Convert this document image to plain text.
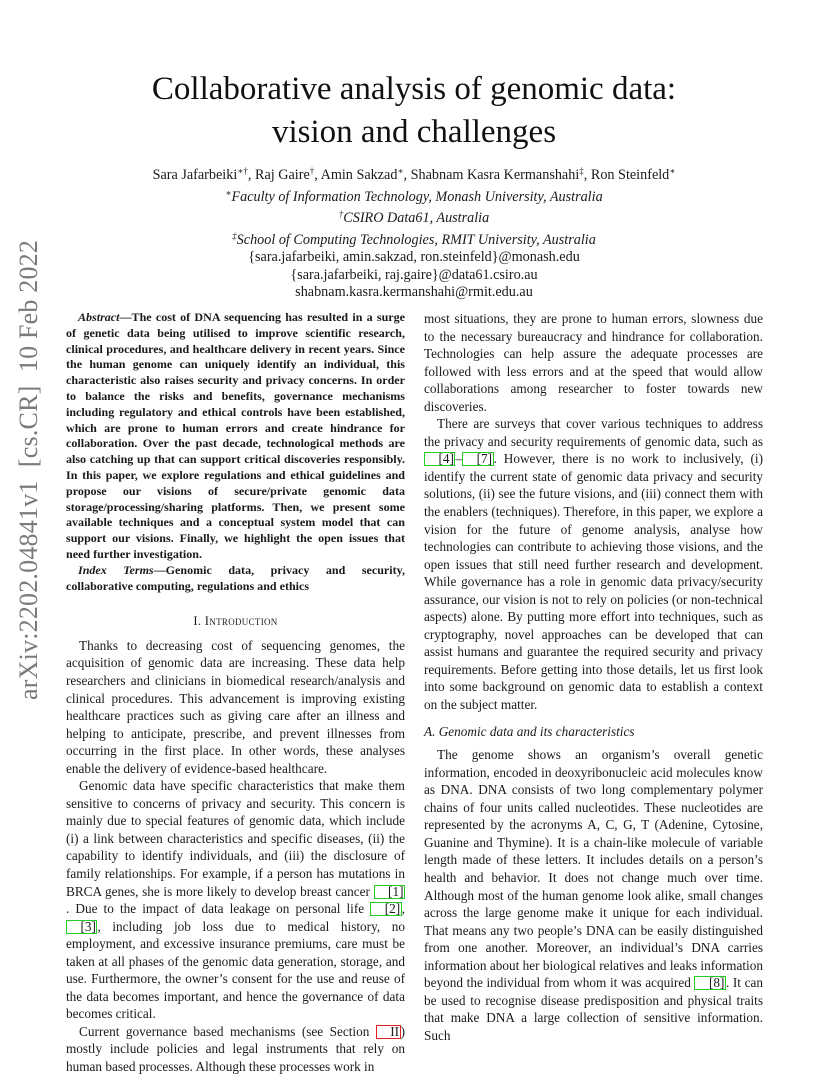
arXiv:2202.04841v1  [cs.CR]  10 Feb 2022
Collaborative analysis of genomic data:
vision and challenges
Sara Jafarbeiki∗†, Raj Gaire†, Amin Sakzad∗, Shabnam Kasra Kermanshahi‡, Ron Steinfeld∗
∗Faculty of Information Technology, Monash University, Australia
†CSIRO Data61, Australia
‡School of Computing Technologies, RMIT University, Australia
{sara.jafarbeiki, amin.sakzad, ron.steinfeld}@monash.edu
{sara.jafarbeiki, raj.gaire}@data61.csiro.au
shabnam.kasra.kermanshahi@rmit.edu.au

Abstract—The cost of DNA sequencing has resulted in a surge of genetic data being utilised to improve scientific research, clinical procedures, and healthcare delivery in recent years. Since the human genome can uniquely identify an individual, this characteristic also raises security and privacy concerns. In order to balance the risks and benefits, governance mechanisms including regulatory and ethical controls have been established, which are prone to human errors and create hindrance for collaboration. Over the past decade, technological methods are also catching up that can support critical discoveries responsibly. In this paper, we explore regulations and ethical guidelines and propose our visions of secure/private genomic data storage/processing/sharing platforms. Then, we present some available techniques and a conceptual system model that can support our visions. Finally, we highlight the open issues that need further investigation.

Index Terms—Genomic data, privacy and security, collaborative computing, regulations and ethics

I. Introduction

Thanks to decreasing cost of sequencing genomes, the acquisition of genomic data are increasing. These data help researchers and clinicians in biomedical research/analysis and clinical procedures. This advancement is improving existing healthcare practices such as giving care after an illness and helping to anticipate, prescribe, and prevent illnesses from occurring in the first place. In other words, these analyses enable the delivery of evidence-based healthcare.

Genomic data have specific characteristics that make them sensitive to concerns of privacy and security. This concern is mainly due to special features of genomic data, which include (i) a link between characteristics and specific diseases, (ii) the capability to identify individuals, and (iii) the disclosure of family relationships. For example, if a person has mutations in BRCA genes, she is more likely to develop breast cancer [1]. Due to the impact of data leakage on personal life [2] , [3] , including job loss due to medical history, no employment, and excessive insurance premiums, care must be taken at all phases of the genomic data generation, storage, and use. Furthermore, the owner’s consent for the use and reuse of the data becomes important, and hence the governance of data becomes critical.

Current governance based mechanisms (see Section II ) mostly include policies and legal instruments that rely on human based processes. Although these processes work in

most situations, they are prone to human errors, slowness due to the necessary bureaucracy and hindrance for collaboration. Technologies can help assure the adequate processes are followed with less errors and at the speed that would allow collaborations among researcher to foster towards new discoveries.

There are surveys that cover various techniques to address the privacy and security requirements of genomic data, such as [4] – [7] . However, there is no work to inclusively, (i) identify the current state of genomic data privacy and security solutions, (ii) see the future visions, and (iii) connect them with the enablers (techniques). Therefore, in this paper, we explore a vision for the future of genome analysis, analyse how technologies can contribute to achieving those visions, and the open issues that still need further research and development. While governance has a role in genomic data privacy/security assurance, our vision is not to rely on policies (or non-technical aspects) alone. By putting more effort into techniques, such as cryptography, novel approaches can be developed that can assist humans and guarantee the required security and privacy requirements. Before getting into those details, let us first look into some background on genomic data to establish a context on the subject matter.

A. Genomic data and its characteristics

The genome shows an organism’s overall genetic information, encoded in deoxyribonucleic acid molecules know as DNA. DNA consists of two long complementary polymer chains of four units called nucleotides. These nucleotides are represented by the acronyms A, C, G, T (Adenine, Cytosine, Guanine and Thymine). It is a chain-like molecule of variable length made of these letters. It includes details on a person’s health and behavior. It does not change much over time. Although most of the human genome look alike, small changes across the large genome make it unique for each individual. That means any two people’s DNA can be easily distinguished from one another. Moreover, an individual’s DNA carries information about her biological relatives and leaks information beyond the individual from whom it was acquired [8] . It can be used to recognise disease predisposition and physical traits that make DNA a large collection of sensitive information. Such
